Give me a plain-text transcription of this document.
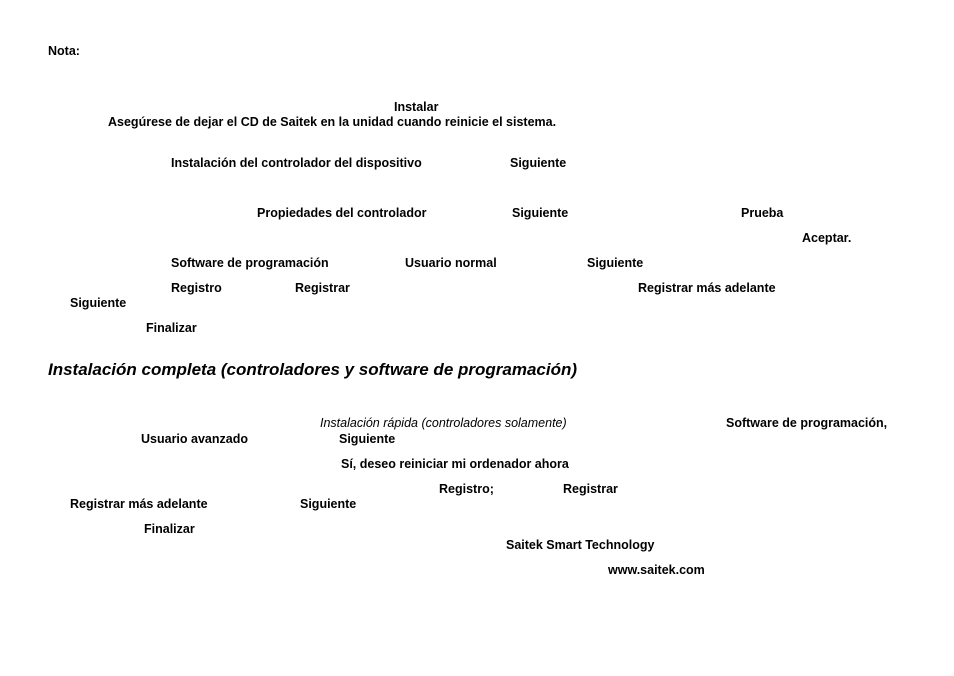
Nota:
Instalar
Asegúrese de dejar el CD de Saitek en la unidad cuando reinicie el sistema.
Instalación del controlador del dispositivo	Siguiente
Propiedades del controlador	Siguiente	Prueba
Aceptar.
Software de programación	Usuario normal	Siguiente
Registro	Registrar	Registrar más adelante
Siguiente
Finalizar
Instalación completa (controladores y software de programación)
Instalación rápida (controladores solamente)	Software de programación,
Usuario avanzado	Siguiente
Sí, deseo reiniciar mi ordenador ahora
Registro;	Registrar
Registrar más adelante	Siguiente
Finalizar
Saitek Smart Technology
www.saitek.com
